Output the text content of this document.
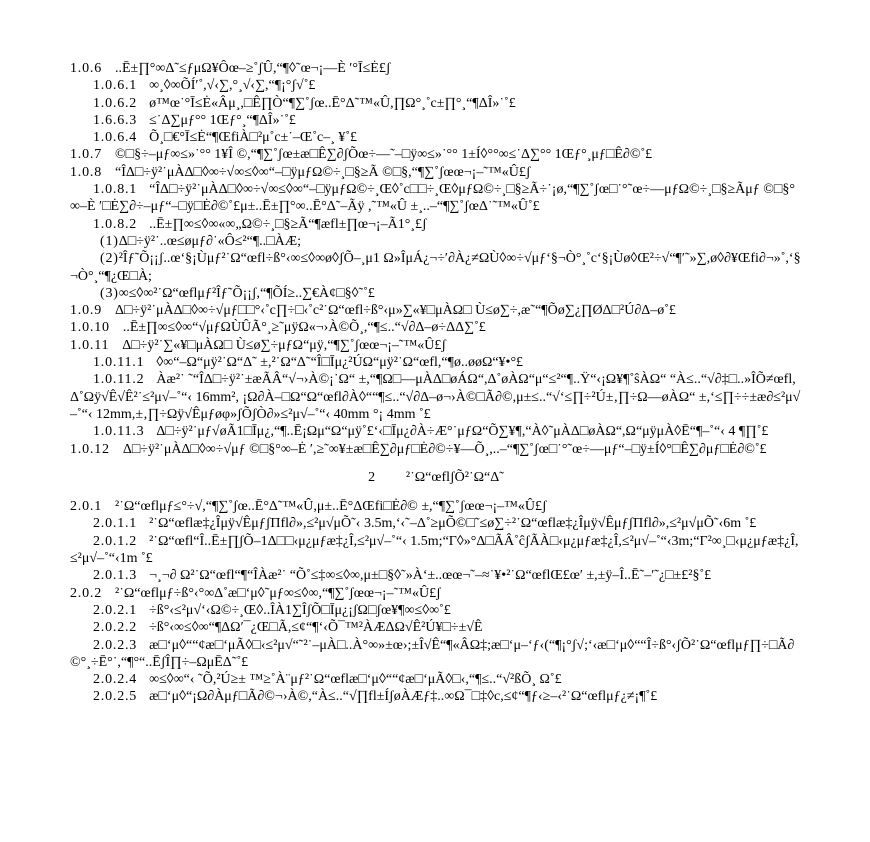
1.0.6 ..Ē±∏°∞Δ˜≤ƒμΩ¥Ôœ–≥˚ʃÛ,“¶◊˜œ¬¡––È ′°Ī≤Ė£ʃ

1.0.6.1 ∞¸◊∞ÕÍ′˚,√‹∑,°¸√‹∑,“¶¡°ʃ√˚£

1.0.6.2 ø™œ˙°Ī≤Ė«Âμ¸,□Ê∏Ò“¶∑˚ʃœ..Ē°Δ˜™«Û,∏Ω°¸˚c±∏°¸“¶ΔÎ»˙˚£

1.6.6.3 ≤˙Δ∑μƒ°° 1Œƒ°¸“¶ΔÎ»˙˚£

1.0.6.4 Õ¸□€°Ī≤Ė“¶ŒfiÀ□²μ˚c±˙–Œ˚c–¸ ¥˚£

1.0.7 ©□§÷–μƒ∞≤»˙°° 1¥Î ©,“¶∑˚ʃœ±æ□Ê∑∂ʃÕœ÷––˜–□ÿ∞≤»˙°° 1±Í◊°°∞≤˙Δ∑°° 1Œƒ°¸μƒ□Ê∂©˚£

1.0.8 “ÎΔ□÷ÿ²˙μÀΔ□◊∞÷√∞≤◊∞“–□ÿμƒΩ©÷¸□§≥Ã ©□§,“¶∑˚ʃœœ¬¡–˜™«Û£ʃ

1.0.8.1 “ÎΔ□÷ÿ²˙μÀΔ□◊∞÷√∞≤◊∞“–□ÿμƒΩ©÷¸Œ◊˚c□□÷¸Œ◊μƒΩ©÷¸□§≥Ã÷˙¡ø,“¶∑˚ʃœ□˙°˜œ÷––μƒΩ©÷¸□§≥Ãμƒ ©□§°∞–È ′□Ė∑∂÷–μƒ“–□ÿ□Ė∂©˚£μ±..Ē±∏°∞..Ē°Δ˜–Ãÿ ,˜™«Û ±¸..–“¶∑˚ʃœΔ˙˜™«Û˚£

1.0.8.2 ..Ē±∏∞≤◊∞«∞„Ω©÷¸□§≥Ã“¶æfl±∏œ¬¡–Ã1°¸£ʃ

(1)Δ□÷ÿ²˙..œ≤øμƒ∂˙«Ô≤²“¶..□ÀÆ;

(2)²Îƒ˜Õ¡¡ʃ..œ‘§¡Ùμƒ²˙Ω“œfl÷ß°‹∞≤◊∞ø◊ʃÕ–¸μ1 Ω»ÎμÁ¿¬÷′∂À¿≠ΩÙ◊∞÷√μƒ‘§¬Ò°¸˚c‘§¡Ùø◊Œ²÷√“¶′˜»∑,ø◊∂¥Œfi∂¬»˚,‘§¬Ò°¸“¶¿Œ□À;

(3)∞≤◊∞²˙Ω“œflμƒ²Îƒ˜Õ¡¡ʃ,“¶ÕÍ≥..∑€À¢□§◊˜˚£

1.0.9 Δ□÷ÿ²˙μÀΔ□◊∞÷√μƒ□□°‹˚c∏÷□‹˚c²˙Ω“œfl÷ß°‹μ»∑«¥□μÀΩ□ Ù≤ø∑÷,æ˜“¶Õø∑¿∏ØΔ□²Ú∂Δ–ø˚£

1.0.10 ..Ē±∏∞≤◊∞“√μƒΩÙÛÃ°¸≥˜μÿΩ«¬›À©Õ¸,“¶≤..“√∂Δ–ø÷ΔΔ∑˚£

1.0.11 Δ□÷ÿ²˙∑«¥□μÀΩ□ Ù≤ø∑÷μƒΩ“μÿ,“¶∑˚ʃœœ¬¡–˜™«Û£ʃ

1.0.11.1 ◊∞“–Ω“μÿ²˙Ω“Δ˜ ±,²˙Ω“Δ˜“Î□Īμ¿²ÚΩ“μÿ²˙Ω“œfl,“¶ø..øøΩ“¥•°£

1.0.11.2 Àæ²˙ ˜“ÎΔ□÷ÿ²˙±æÃÂ“√¬›À©¡˙Ω“ ±,“¶Ω□––μÀΔ□øÁΩ“,Δ˚øÀΩ“μ“≤²“¶..Ÿ“‹¡Ω¥¶˚ŝÀΩ“ “À≤..“√∂‡□..»ÎÕ≠œfl,Δ˚Ωÿ√Ê√Ê²˙≤²μ√–˚“‹ 16mm², ¡Ω∂À–□Ω“Ω“œfl∂À◊““¶≤..“√∂Δ–ø¬›À©□Ã∂©,μ±≤..“√‘≤∏÷²Ú±‚∏÷Ω––øÀΩ“ ±,‘≤∏÷÷±æ∂≤²μ√–˚“‹ 12mm,±‚∏÷Ωÿ√Êμƒøφ»ʃÕʃÒ∂»≤²μ√–˚“‹ 40mm °¡ 4mm ˚£

1.0.11.3 Δ□÷ÿ²˙μƒ√øÃ1□Īμ¿,“¶..Ē¡Ωμ“Ω“μÿ˚£‘‹□Īμ¿∂À÷Æ°˙μƒΩ“Õ∑¥¶,“À◊˜μÀΔ□øÀΩ“,Ω“μÿμÀ◊Ē“¶–˚“‹ 4 ¶∏˚£

1.0.12 Δ□÷ÿ²˙μÀΔ□◊∞÷√μƒ ©□§°∞–Ė ′,≥˜∞¥±æ□Ê∑∂μƒ□Ė∂©÷¥––Õ¸,..–“¶∑˚ʃœ□˙°˜œ÷––μƒ“–□ÿ±Í◊°□Ê∑∂μƒ□Ė∂©˚£

2 ²˙Ω“œflʃÕ²˙Ω“Δ˜

2.0.1 ²˙Ω“œflμƒ≤°÷√,“¶∑˚ʃœ..Ē°Δ˜™«Û,μ±..Ē°ΔŒfi□Ė∂© ±,“¶∑˚ʃœœ¬¡–™«Û£ʃ

2.0.1.1 ²˙Ω“œflæ‡¿Îμÿ√ÊμƒʃΠfl∂»,≤²μ√μÕ˜‹ 3.5m,‘‹˜–Δ˚≥μÕ©□˜≤ø∑÷²˙Ω“œflæ‡¿Îμÿ√ÊμƒʃΠfl∂»,≤²μ√μÕ˜‹6m ˚£

2.0.1.2 ²˙Ω“œfl“Î..Ē±∏ʃÕ–1Δ□□‹μ¿μƒæ‡¿Î,≤²μ√–˚“‹ 1.5m;“Γ◊»°Δ□ÃÂ˚ĉʃÃÀ□‹μ¿μƒæ‡¿Î,≤²μ√–˚“‹3m;“Γ²∞¸□‹μ¿μƒæ‡¿Î,≤²μ√–˚“‹1m ˚£

2.0.1.3 ¬¸¬∂ Ω²˙Ω“œfl“¶“ÎÀæ²˙ “Õ˚≤‡∞≤◊∞,μ±□§◊˜»À‘±..œœ¬˜–≈˙¥•²˙Ω“œflŒ£œ′ ±,±ÿ–Î..Ē˜–′˜¿□±£²§˚£

2.0.2 ²˙Ω“œflμƒ÷ß°‹°∞Δ˚æ□‘μ◊˜μƒ∞≤◊∞,“¶∑˚ʃœœ¬¡–˜™«Û£ʃ

2.0.2.1 ÷ß°‹≤²μ√‘‹Ω©÷¸Œ◊..ÎÀ1∑ÎʃÕ□Īμ¿¡ʃΩ□ʃœ¥¶∞≤◊∞˚£

2.0.2.2 ÷ß°‹∞≤◊∞“¶ΔΩ′¯¿Œ□Ã,≤¢“¶‘‹Õ¯™²ÀÆΔΩ√Ê²Ú¥□÷±√Ê

2.0.2.3 æ□‘μ◊““¢æ□‘μÃ◊□‹≤²μ√“˜²˙–μÀ□..À°∞»±œ›;±Î√Ê“¶«ÂΩ‡;æ□‘μ–‘ƒ‹(“¶¡°ʃ√;‘‹æ□‘μ◊““Î÷ß°‹ʃÕ²˙Ω“œflμƒ∏÷□Ã∂©°¸÷Ē°˙,“¶°“..ĒʃÎ∏÷–ΩμĒΔ˜˚£

2.0.2.4 ∞≤◊∞“‹ ˜Õ,²Ú≥± ™≥˚À¨μƒ²˙Ω“œflæ□‘μ◊““¢æ□‘μÃ◊□‹,“¶≤..“√²ßÕ¸ Ω˚£

2.0.2.5 æ□‘μ◊“¡Ω∂Àμƒ□Ã∂©¬›À©,“À≤..“√∏fl±ÍʃøÀÆƒ‡..∞Ω¯□‡◊c,≤¢“¶ƒ‹≥–‹²˙Ω“œflμƒ¿≠¡¶˚£
